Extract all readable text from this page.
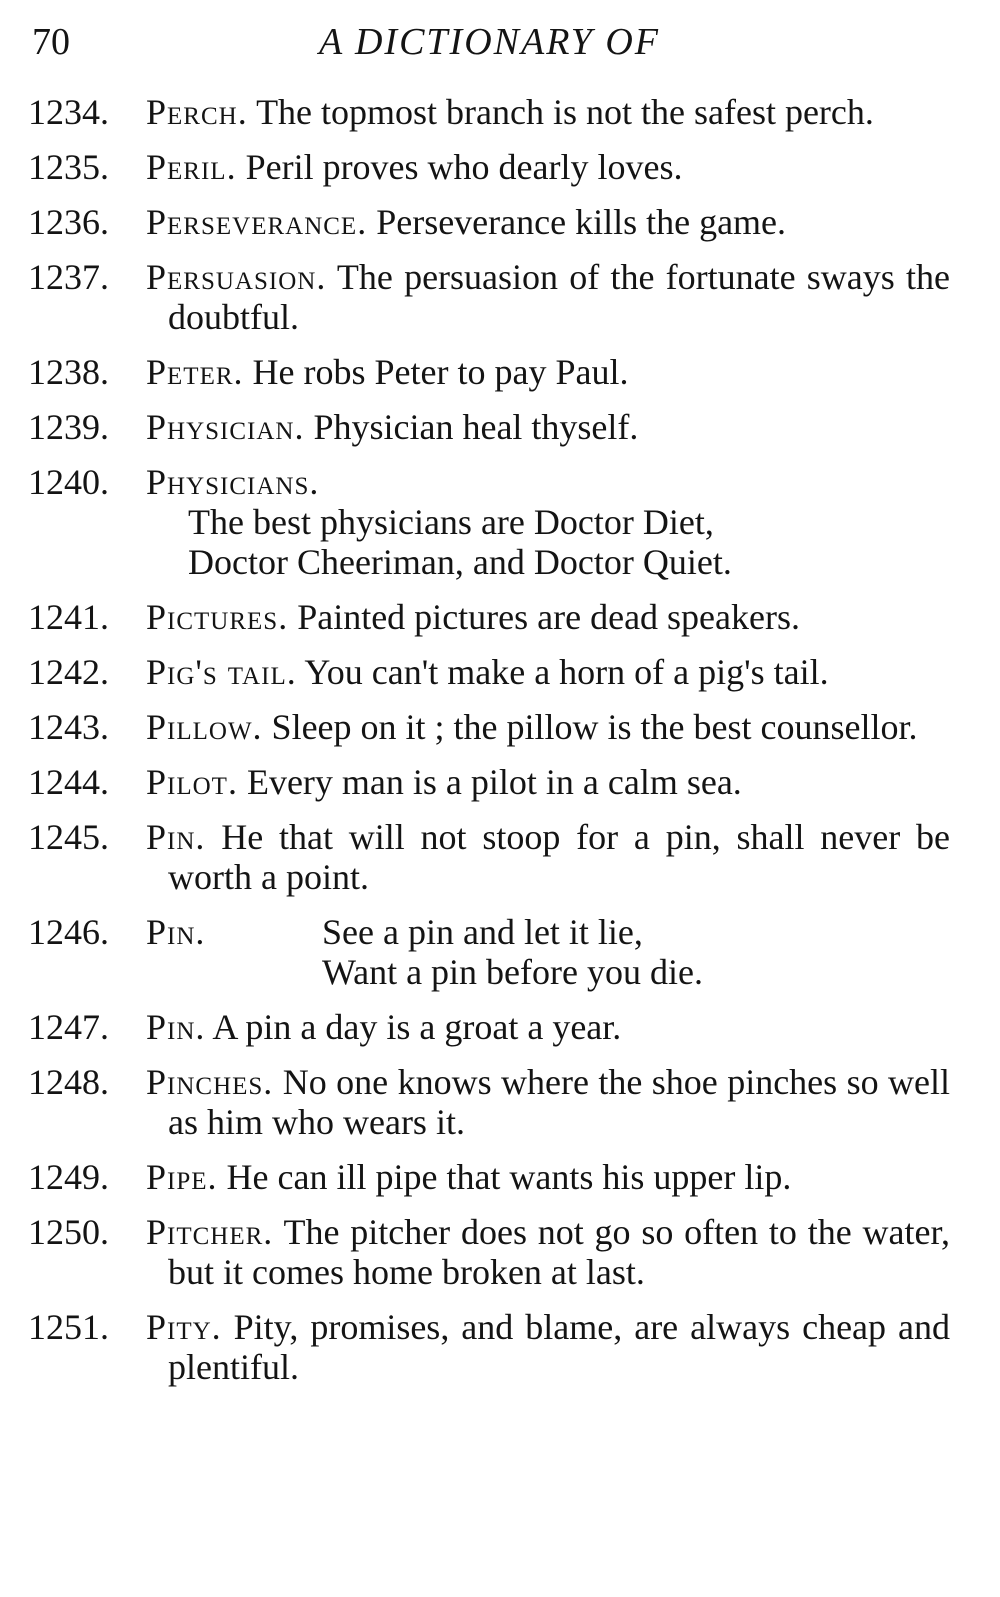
70	A DICTIONARY OF
1234.	Perch. The topmost branch is not the safest perch.
1235.	Peril. Peril proves who dearly loves.
1236.	Perseverance. Perseverance kills the game.
1237.	Persuasion. The persuasion of the fortunate sways the doubtful.
1238.	Peter. He robs Peter to pay Paul.
1239.	Physician. Physician heal thyself.
1240.	Physicians.
The best physicians are Doctor Diet,
Doctor Cheeriman, and Doctor Quiet.
1241.	Pictures. Painted pictures are dead speakers.
1242.	Pig's tail. You can't make a horn of a pig's tail.
1243.	Pillow. Sleep on it ; the pillow is the best counsellor.
1244.	Pilot. Every man is a pilot in a calm sea.
1245.	Pin. He that will not stoop for a pin, shall never be worth a point.
1246.	Pin.	See a pin and let it lie,
Want a pin before you die.
1247.	Pin. A pin a day is a groat a year.
1248.	Pinches. No one knows where the shoe pinches so well as him who wears it.
1249.	Pipe. He can ill pipe that wants his upper lip.
1250.	Pitcher. The pitcher does not go so often to the water, but it comes home broken at last.
1251.	Pity. Pity, promises, and blame, are always cheap and plentiful.
